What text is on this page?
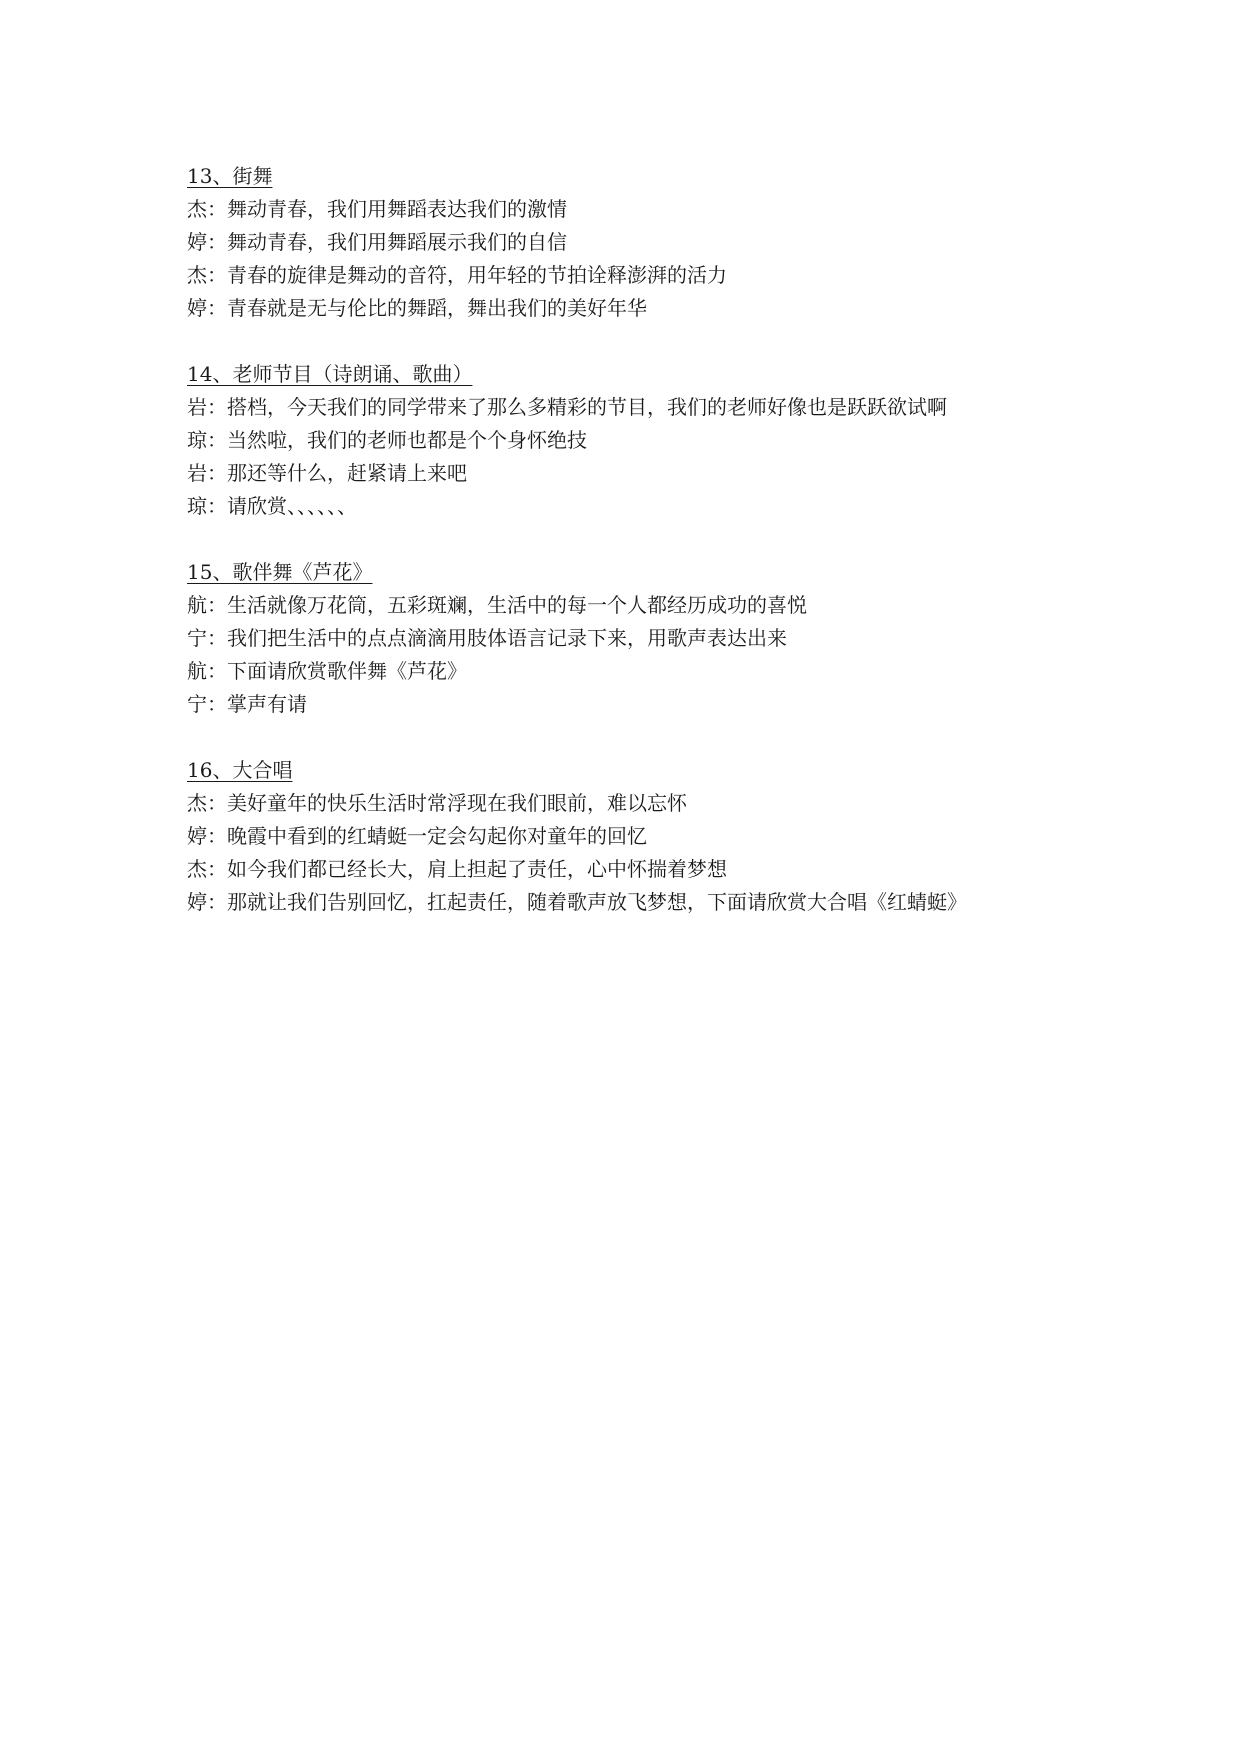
13、街舞
杰：舞动青春，我们用舞蹈表达我们的激情
婷：舞动青春，我们用舞蹈展示我们的自信
杰：青春的旋律是舞动的音符，用年轻的节拍诠释澎湃的活力
婷：青春就是无与伦比的舞蹈，舞出我们的美好年华
14、老师节目（诗朗诵、歌曲）
岩：搭档，今天我们的同学带来了那么多精彩的节目，我们的老师好像也是跃跃欲试啊
琼：当然啦，我们的老师也都是个个身怀绝技
岩：那还等什么，赶紧请上来吧
琼：请欣赏、、、、、、
15、歌伴舞《芦花》
航：生活就像万花筒，五彩斑斓，生活中的每一个人都经历成功的喜悦
宁：我们把生活中的点点滴滴用肢体语言记录下来，用歌声表达出来
航：下面请欣赏歌伴舞《芦花》
宁：掌声有请
16、大合唱
杰：美好童年的快乐生活时常浮现在我们眼前，难以忘怀
婷：晚霞中看到的红蜻蜓一定会勾起你对童年的回忆
杰：如今我们都已经长大，肩上担起了责任，心中怀揣着梦想
婷：那就让我们告别回忆，扛起责任，随着歌声放飞梦想，下面请欣赏大合唱《红蜻蜓》
